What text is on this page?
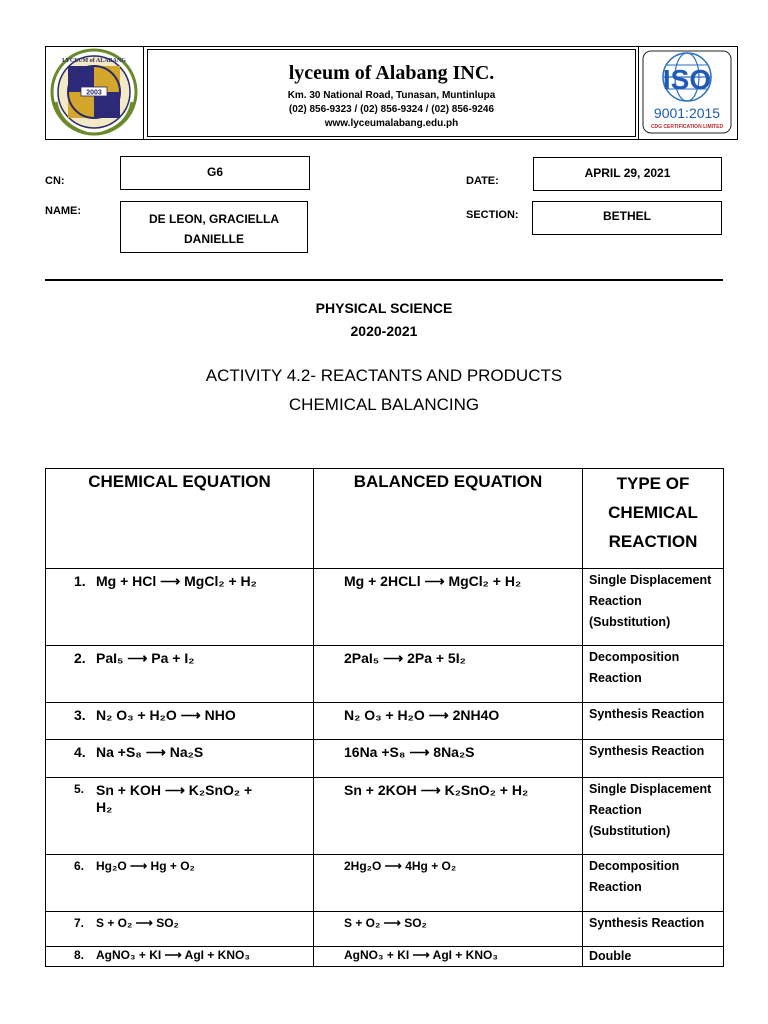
2003
LYCEUM of ALABANG
lyceum of Alabang INC.
Km. 30 National Road, Tunasan, Muntinlupa
(02) 856-9323 / (02) 856-9324 / (02) 856-9246
www.lyceumalabang.edu.ph
ISO
9001:2015
CDG CERTIFICATION LIMITED
CN:
G6
NAME:
DE LEON, GRACIELLA DANIELLE
DATE:
APRIL 29, 2021
SECTION:	BETHEL
PHYSICAL SCIENCE
2020-2021
ACTIVITY 4.2- REACTANTS AND PRODUCTS
CHEMICAL BALANCING
CHEMICAL EQUATION	BALANCED EQUATION	TYPE OF CHEMICAL REACTION

1. Mg + HCl ⟶ MgCl₂ + H₂	Mg + 2HCLl ⟶ MgCl₂ + H₂	Single Displacement Reaction (Substitution)

2. PaI₅ ⟶ Pa + I₂	2PaI₅ ⟶ 2Pa + 5I₂	Decomposition Reaction

3. N₂ O₃ + H₂O ⟶ NHO	N₂ O₃ + H₂O ⟶ 2NH4O	Synthesis Reaction

4. Na +S₈ ⟶ Na₂S	16Na +S₈ ⟶ 8Na₂S	Synthesis Reaction

5. Sn + KOH ⟶ K₂SnO₂ + H₂	Sn + 2KOH ⟶ K₂SnO₂ + H₂	Single Displacement Reaction (Substitution)

6. Hg₂O ⟶ Hg + O₂	2Hg₂O ⟶ 4Hg + O₂	Decomposition Reaction

7. S + O₂ ⟶ SO₂	S + O₂ ⟶ SO₂	Synthesis Reaction

8. AgNO₃ + KI ⟶ AgI + KNO₃	AgNO₃ + KI ⟶ AgI + KNO₃	Double
